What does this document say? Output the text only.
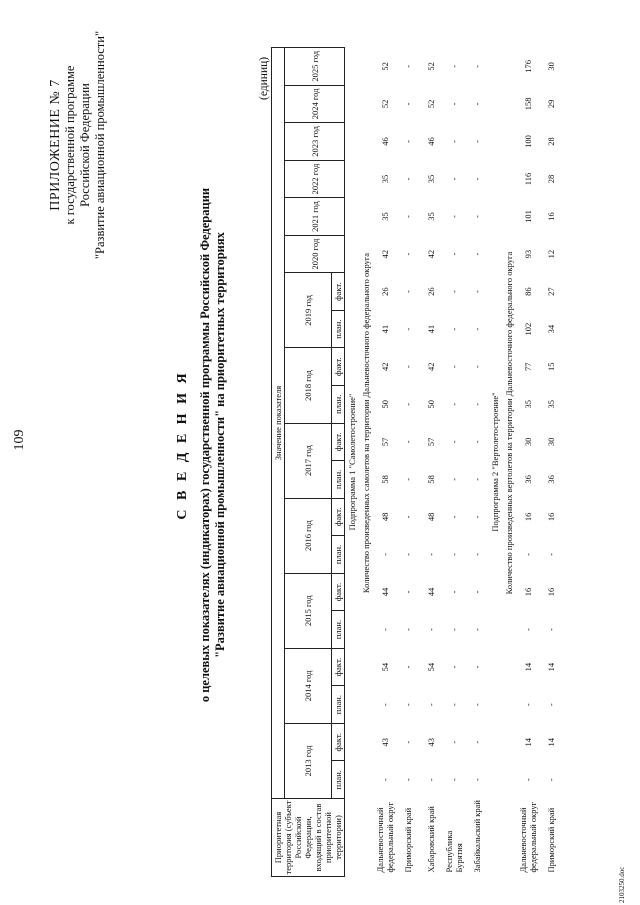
109
ПРИЛОЖЕНИЕ № 7 к государственной программе Российской Федерации "Развитие авиационной промышленности"
С В Е Д Е Н И Я о целевых показателях (индикаторах) государственной программы Российской Федерации "Развитие авиационной промышленности" на приоритетных территориях
(единиц)
Приоритетная территория (субъект Российской Федерации, входящий в состав приоритетной территории)	Значение показателя																			
	2013 год		2014 год		2015 год		2016 год		2017 год		2018 год		2019 год		2020 год	2021 год	2022 год	2023 год	2024 год	2025 год
	план.	факт.	план.	факт.	план.	факт.	план.	факт.	план.	факт.	план.	факт.	план.	факт.						
Подпрограмма 1 "Самолетостроение"																				
	Количество произведенных самолетов на территории Дальневосточного федерального округа																			
Дальневосточный федеральный округ	-	43	-	54	-	44	-	48	58	57	50	42	41	26	42	35	35	46	52	52
Приморский край	-	-	-	-	-	-	-	-	-	-	-	-	-	-	-	-	-	-	-	-
Хабаровский край	-	43	-	54	-	44	-	48	58	57	50	42	41	26	42	35	35	46	52	52
Республика Бурятия	-	-	-	-	-	-	-	-	-	-	-	-	-	-	-	-	-	-	-	-
Забайкальский край	-	-	-	-	-	-	-	-	-	-	-	-	-	-	-	-	-	-	-	-
Подпрограмма 2 "Вертолетостроение"																				
	Количество произведенных вертолетов на территории Дальневосточного федерального округа																			
Дальневосточный федеральный округ	-	14	-	14	-	16	-	16	36	30	35	77	102	86	93	101	116	100	158	176
Приморский край	-	14	-	14	-	16	-	16	36	30	35	15	34	27	12	16	28	28	29	30
2103250.doc
